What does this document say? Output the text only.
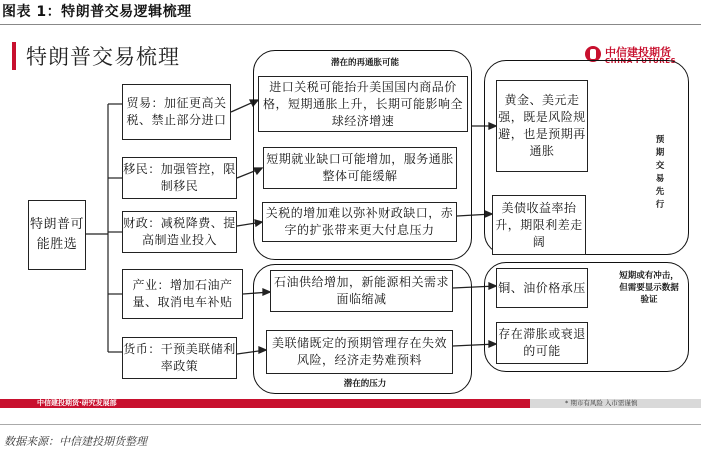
图表 1：特朗普交易逻辑梳理
特朗普交易梳理	中信建投期货
CHINA FUTURES
特朗普可能胜选
贸易：加征更高关税、禁止部分进口
移民：加强管控，限制移民
财政：减税降费、提高制造业投入
产业：增加石油产量、取消电车补贴
货币：干预美联储利率政策
潜在的再通胀可能
潜在的压力
进口关税可能抬升美国国内商品价格，短期通胀上升，长期可能影响全球经济增速
短期就业缺口可能增加，服务通胀整体可能缓解
关税的增加难以弥补财政缺口，赤字的扩张带来更大付息压力
石油供给增加，新能源相关需求面临缩减
美联储既定的预期管理存在失效风险，经济走势难预料
黄金、美元走强，既是风险规避，也是预期再通胀
美债收益率抬升，期限利差走阔
铜、油价格承压
存在滞胀或衰退的可能
预期交易先行
短期或有冲击，但需要显示数据验证
中信建投期货·研究发展部	* 期市有风险 入市需谨慎
数据来源：中信建投期货整理
